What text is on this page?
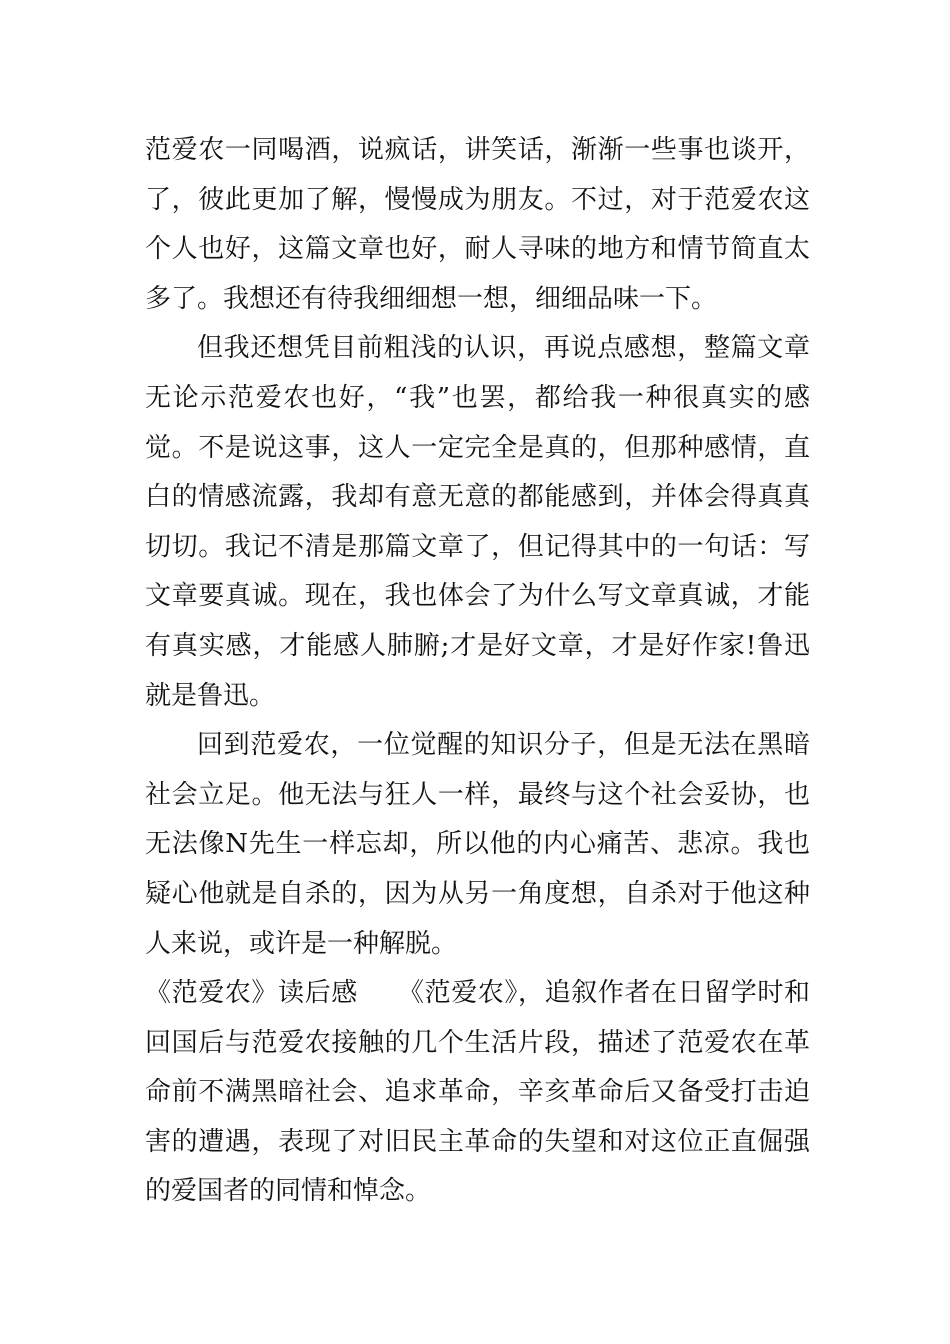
范爱农一同喝酒，说疯话，讲笑话，渐渐一些事也谈开，了，彼此更加了解，慢慢成为朋友。不过，对于范爱农这个人也好，这篇文章也好，耐人寻味的地方和情节简直太多了。我想还有待我细细想一想，细细品味一下。

但我还想凭目前粗浅的认识，再说点感想，整篇文章无论示范爱农也好，“我”也罢，都给我一种很真实的感觉。不是说这事，这人一定完全是真的，但那种感情，直白的情感流露，我却有意无意的都能感到，并体会得真真切切。我记不清是那篇文章了，但记得其中的一句话：写文章要真诚。现在，我也体会了为什么写文章真诚，才能有真实感，才能感人肺腑;才是好文章，才是好作家!鲁迅就是鲁迅。

回到范爱农，一位觉醒的知识分子，但是无法在黑暗社会立足。他无法与狂人一样，最终与这个社会妥协，也无法像N先生一样忘却，所以他的内心痛苦、悲凉。我也疑心他就是自杀的，因为从另一角度想，自杀对于他这种人来说，或许是一种解脱。

《范爱农》读后感　　《范爱农》，追叙作者在日留学时和回国后与范爱农接触的几个生活片段，描述了范爱农在革命前不满黑暗社会、追求革命，辛亥革命后又备受打击迫害的遭遇，表现了对旧民主革命的失望和对这位正直倔强的爱国者的同情和悼念。
